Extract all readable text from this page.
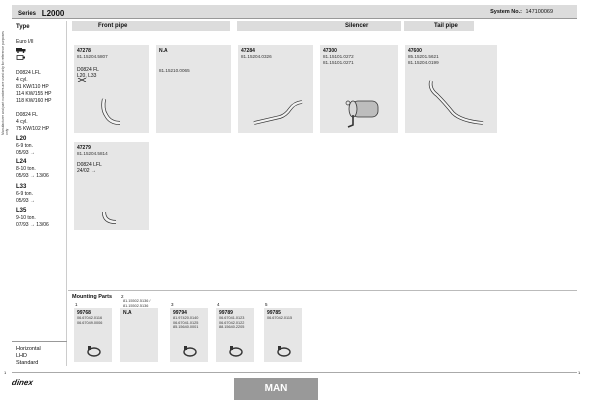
Series L2000	System No.: 147100069
Manufacturer and part numbers are used only for reference purposes only
Type
Euro I/II
D0824 LFL
4 cyl.
81 KW/110 HP
114 KW/155 HP
118 KW/160 HP
D0824 FL
4 cyl.
75 KW/102 HP
L20
6-9 ton.
05/93 →
L24
8-10 ton.
05/93 → 13/06
L33
6-9 ton.
05/93 →
L35
9-10 ton.
07/93 → 13/06
Horizontal
LHD
Standard
Front pipe	Silencer	Tail pipe
47278
81.15204.5807
D0824 FL
L20, L33
N.A
81.15210.0065
47284
81.15204.0326
47300
81.15101.0272
81.15101.0271
47600
85.15201.5621
81.15204.0199
47279
81.15204.5814
D0824 LFL
24/02 →
Mounting Parts
1
99768
06.67042.0116
06.67049.0006
2
81.15502.5136 /
81.15502.5136
N.A
3
99794
81.97420.0140
06.67041.0125
85.15640.0001
4
99789
06.67041.0123
06.67042.0122
88.15640.2205
5
99785
06.67042.0115
dinex
MAN
1	1
